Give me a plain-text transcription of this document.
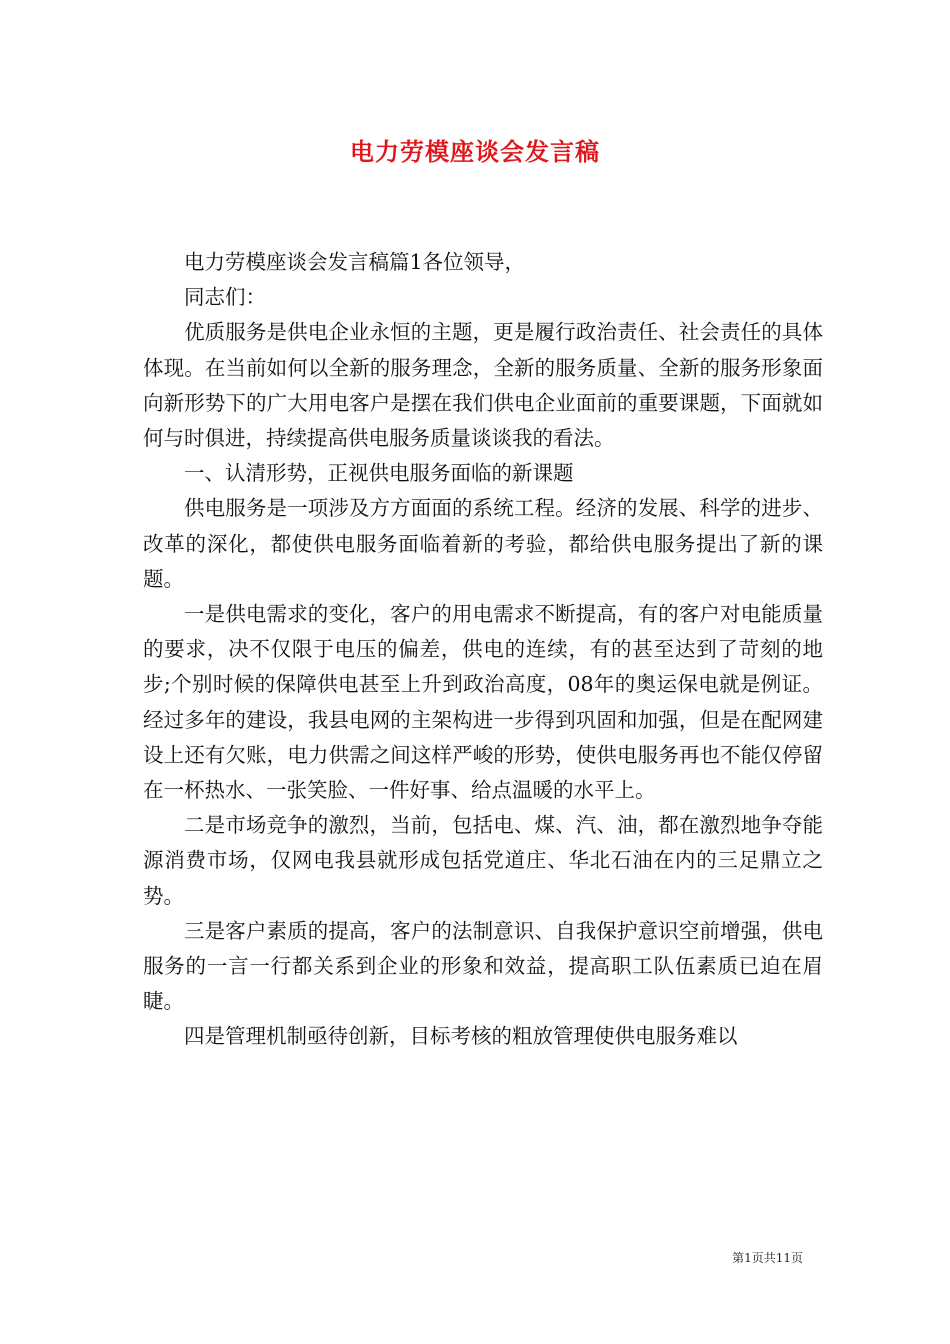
电力劳模座谈会发言稿

电力劳模座谈会发言稿篇1各位领导，

同志们：

优质服务是供电企业永恒的主题，更是履行政治责任、社会责任的具体体现。在当前如何以全新的服务理念，全新的服务质量、全新的服务形象面向新形势下的广大用电客户是摆在我们供电企业面前的重要课题，下面就如何与时俱进，持续提高供电服务质量谈谈我的看法。

一、认清形势，正视供电服务面临的新课题

供电服务是一项涉及方方面面的系统工程。经济的发展、科学的进步、改革的深化，都使供电服务面临着新的考验，都给供电服务提出了新的课题。

一是供电需求的变化，客户的用电需求不断提高，有的客户对电能质量的要求，决不仅限于电压的偏差，供电的连续，有的甚至达到了苛刻的地步;个别时候的保障供电甚至上升到政治高度，08年的奥运保电就是例证。经过多年的建设，我县电网的主架构进一步得到巩固和加强，但是在配网建设上还有欠账，电力供需之间这样严峻的形势，使供电服务再也不能仅停留在一杯热水、一张笑脸、一件好事、给点温暖的水平上。

二是市场竞争的激烈，当前，包括电、煤、汽、油，都在激烈地争夺能源消费市场，仅网电我县就形成包括党道庄、华北石油在内的三足鼎立之势。

三是客户素质的提高，客户的法制意识、自我保护意识空前增强，供电服务的一言一行都关系到企业的形象和效益，提高职工队伍素质已迫在眉睫。

四是管理机制亟待创新，目标考核的粗放管理使供电服务难以

第1页共11页
